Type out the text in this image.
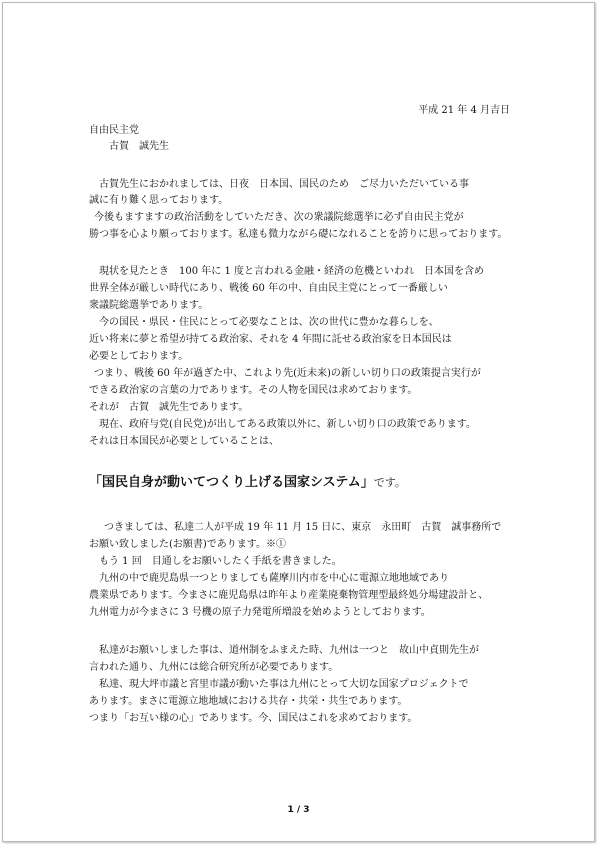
平成 21 年 4 月吉日
自由民主党
古賀　誠先生
古賀先生におかれましては、日夜　日本国、国民のため　ご尽力いただいている事
誠に有り難く思っております。
今後もますますの政治活動をしていただき、次の衆議院総選挙に必ず自由民主党が
勝つ事を心より願っております。私達も微力ながら礎になれることを誇りに思っております。
現状を見たとき　100 年に 1 度と言われる金融・経済の危機といわれ　日本国を含め
世界全体が厳しい時代にあり、戦後 60 年の中、自由民主党にとって一番厳しい
衆議院総選挙であります。
今の国民・県民・住民にとって必要なことは、次の世代に豊かな暮らしを、
近い将来に夢と希望が持てる政治家、それを 4 年間に託せる政治家を日本国民は
必要としております。
つまり、戦後 60 年が過ぎた中、これより先(近未来)の新しい切り口の政策提言実行が
できる政治家の言葉の力であります。その人物を国民は求めております。
それが　古賀　誠先生であります。
現在、政府与党(自民党)が出してある政策以外に、新しい切り口の政策であります。
それは日本国民が必要としていることは、
「国民自身が動いてつくり上げる国家システム」です。
つきましては、私達二人が平成 19 年 11 月 15 日に、東京　永田町　古賀　誠事務所で
お願い致しました(お願書)であります。※①
もう 1 回　目通しをお願いしたく手紙を書きました。
九州の中で鹿児島県一つとりましても薩摩川内市を中心に電源立地地域であり
農業県であります。今まさに鹿児島県は昨年より産業廃棄物管理型最終処分場建設計と、
九州電力が今まさに 3 号機の原子力発電所増設を始めようとしております。
私達がお願いしました事は、道州制をふまえた時、九州は一つと　故山中貞則先生が
言われた通り、九州には総合研究所が必要であります。
私達、現大坪市議と宮里市議が動いた事は九州にとって大切な国家プロジェクトで
あります。まさに電源立地地域における共存・共栄・共生であります。
つまり「お互い様の心」であります。今、国民はこれを求めております。
1 / 3
